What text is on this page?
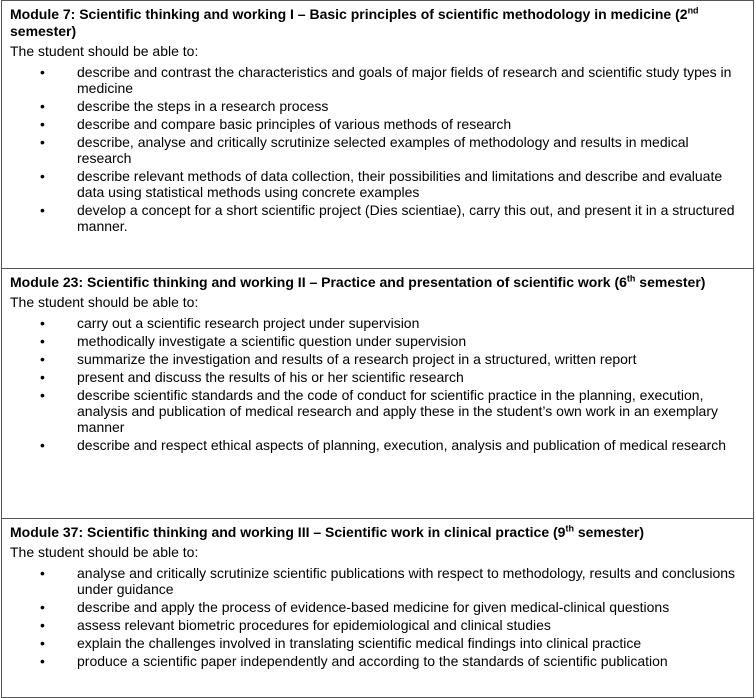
Module 7: Scientific thinking and working I – Basic principles of scientific methodology in medicine (2nd semester)

The student should be able to:

• describe and contrast the characteristics and goals of major fields of research and scientific study types in medicine
• describe the steps in a research process
• describe and compare basic principles of various methods of research
• describe, analyse and critically scrutinize selected examples of methodology and results in medical research
• describe relevant methods of data collection, their possibilities and limitations and describe and evaluate data using statistical methods using concrete examples
• develop a concept for a short scientific project (Dies scientiae), carry this out, and present it in a structured manner.

Module 23: Scientific thinking and working II – Practice and presentation of scientific work (6th semester)

The student should be able to:

• carry out a scientific research project under supervision
• methodically investigate a scientific question under supervision
• summarize the investigation and results of a research project in a structured, written report
• present and discuss the results of his or her scientific research
• describe scientific standards and the code of conduct for scientific practice in the planning, execution, analysis and publication of medical research and apply these in the student’s own work in an exemplary manner
• describe and respect ethical aspects of planning, execution, analysis and publication of medical research

Module 37: Scientific thinking and working III – Scientific work in clinical practice (9th semester)

The student should be able to:

• analyse and critically scrutinize scientific publications with respect to methodology, results and conclusions under guidance
• describe and apply the process of evidence-based medicine for given medical-clinical questions
• assess relevant biometric procedures for epidemiological and clinical studies
• explain the challenges involved in translating scientific medical findings into clinical practice
• produce a scientific paper independently and according to the standards of scientific publication
